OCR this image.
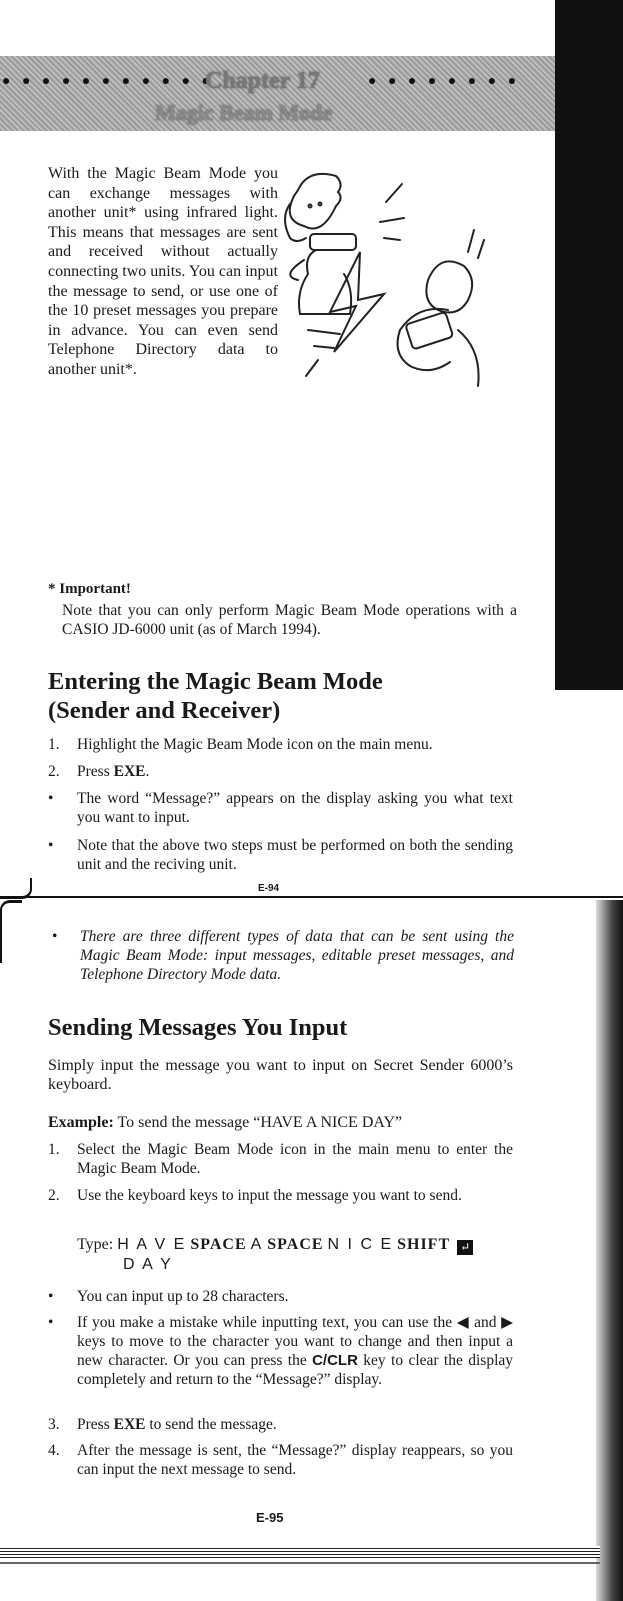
● ● ● ● ● ● ● ● ● ● ●
Chapter 17	● ● ● ● ● ● ● ●
Magic Beam Mode
With the Magic Beam Mode you can exchange messages with another unit* using infrared light. This means that messages are sent and received without actually connecting two units. You can input the message to send, or use one of the 10 preset messages you prepare in advance. You can even send Telephone Directory data to another unit*.
* Important!
Note that you can only perform Magic Beam Mode operations with a CASIO JD-6000 unit (as of March 1994).
Entering the Magic Beam Mode
(Sender and Receiver)
1. Highlight the Magic Beam Mode icon on the main menu.
2. Press EXE.
• The word “Message?” appears on the display asking you what text you want to input.
• Note that the above two steps must be performed on both the sending unit and the reciving unit.
E-94
• There are three different types of data that can be sent using the Magic Beam Mode: input messages, editable preset messages, and Telephone Directory Mode data.
Sending Messages You Input
Simply input the message you want to input on Secret Sender 6000’s keyboard.
Example: To send the message “HAVE A NICE DAY”
1. Select the Magic Beam Mode icon in the main menu to enter the Magic Beam Mode.
2. Use the keyboard keys to input the message you want to send.
Type: H A V E SPACE A SPACE N I C E SHIFT ↵
D A Y
• You can input up to 28 characters.
• If you make a mistake while inputting text, you can use the ◀ and ▶ keys to move to the character you want to change and then input a new character. Or you can press the C/CLR key to clear the display completely and return to the “Message?” display.
3. Press EXE to send the message.
4. After the message is sent, the “Message?” display reappears, so you can input the next message to send.
E-95
